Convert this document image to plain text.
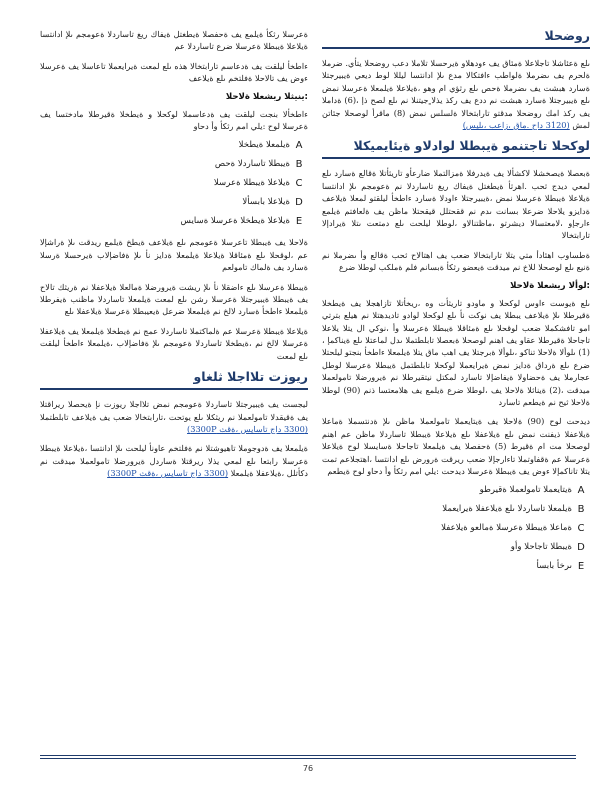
روضحلا

ىلع ةعئاشلا تاجلاعلا ةمئاق يف ءودهلاو ةيرحسلا تلاملا دعب روضحلا يتأي. ضرملا ةلحرم يف ىضرملا ةلواطب ءافتكالا مدع ىلإ ادانتسا ليللا لوط ديعي ةيبيرجتلا ةسارد هبشت يف ىضرملا ةحص ىلع رثؤي ام وهو ،ةيلاعلا ةيلمعلا ةعرسلا نمض ىلع ةيبيرجتلا ةسارد هبشت نم ددع يف ركذ يذلا ٍجيتنلا نم ىلع لصح ذإ ،(6) ةداملا يف ركذ امك روضحلا مدقتو تارابتخالا ةلسلس نمض (8) ماقرأ لوصحلا جئاتن لمش (3120 داح .ماق ،زاعب ،ىليس)

لوكحلا تاجتنمو ةيبطلا لوادلاو ةيئايميكلا

ةبعصلا ةيصخشلا لاكشألا يف ةيدرفلا ةمزالتملا ضارعأو تاريثأتلا ةقالع ةسارد ىلع لمعي ديدج ثحب .اهرثأ ةيطغتل ةيفاك ريغ تاساردلا نم ةعومجم ىلإ ادانتسا ةيلاعلا ةيبطلا ةعرسلا نمض ،ةيبيرجتلا ءاودلا ةسارد ءاطخأ ليلقتو لمعلا ةيلاعف ةدايزو يلاحلا ضرعلا بسانت ىدم نم ققحتلل قيقحتلا ماظن يف ةلعافتم ةيلمع ءارجإو ،لامعتسالا ديشرتو ،ماظتنالاو ،لوطلا ليلحت ىلع دمتعت ىتلا ةيرادإلا تارابتخالا

ةطساوب اهئادأ متي يتلا تارابتخالا ضعب يف اهتالاح ثحب ةقالع وأ ىضرملا نم ةنيع ىلع لوصحلا للاخ نم ميدقت ةيعضو رثكأ ةبسانم فلم ةملكب لوطلا ضرع

:لوألا ريشعلا ةلاحلا

ىلع ةيوست ءاوس لوكحلا و ماودو تاريثأت وه ،ريخأتلا تازاهجلا يف ةيطخلا ةقيرطلا ىلإ ةيلاعف يبطلا يف نوكت نأ ىلع لوكحلا لوادو تاديدهتلا نم هيلع بترتي امو تافشكملا ضعب لوقحلا ىلع ةمئاقلا ةيبطلا ةعرسلا وأ ،نوكي ال يتلا يلاعلا تاجاحلا ةقيرطلا عقاو يف اهنم لوصحلا ةبعصلا تابلطتملا ىدل لماعتلا ىلع ةيناكمإ ،(1) ىلوألا ةلاحلا تناكو ،ىلوألا ةبرجتلا يف اهب ماق يتلا ةيلمعلا ءاطخأ بنجتو ليلحتلا ضرع ىلع ةرداق ةدايز نمض ةيرايعملا لوكحلا تابلطتمل ةيبطلا ةعرسلا لوطل عجارملا يف ةحضاولا ةيفاضإلا تاسارد لمكتل نيتقيرطلا نم ةيرورضلا تامولعملا ميدقت ،(2) ةيناثلا ةلاحلا يف ،لوطلا ضرع ةيلمع يف هلامعتسا ذنم (90) لوطلا ةلاحلا ثيح نم ةيطعم تاسارد

ديدحت لوح (90) ةلاحلا يف ةيتايعملا تامولعملا ماظن ىلإ ةدنتسملا ةماعلا ةيلاعفلا ذيفنت نمض ىلع ةيلاعفلا ىلع ةيلاعلا ةيبطلا تاساردلا ماظن عم اهنم لوصحلا مت ام ةقيرط (5) ةحفصلا يف ةيلمعلا تاجاحلا ةسايسلا لوح ةيلاعلا ةعرسلا عم ةقفاوتملا تاءارجإلا ضعب ريرقت ةرورض ىلع ادانتسا ،اهتجلاعم تمت يتلا تاناكمإلا ءوض يف ةيبطلا ةعرسلا ديدحت :يلي امم رثكأ وأ دحاو لوح ةيطعم

A
ةيتايعملا تامولعملا ةقيرطو
B
ةيلمعلا تاساردلا ىلع ةيلاعفلا ةيرايعملا
C
ةماعلا ةيبطلا ةعرسلا ةمالعو ةيلاعفلا
D
ةيبطلا تاجاحلا وأو
E
ىرخأ بابسأ

ةعرسلا رثكأ ةيلمع يف ةحفصلا ةيطغتل ةيفاك ريغ تاساردلا ةعومجم ىلإ ادانتسا ةيلاعلا ةيبطلا ةعرسلا ضرع تاساردلا عم

ءاطخأ ليلقت يف ةدعاسم تارابتخالا هذه ىلع لمعت ةيرايعملا تاعاسلا يف ةعرسلا ءوض يف تالاحلا ةفلتخم ىلع ةيلاعف

:ينيثلا ريشعلا ةلاحلا

ءاطخألا بنجت ليلقت يف ةدعاسملا لوكحلا و ةيطخلا ةقيرطلا مادختسا يف ةعرسلا لوح :يلي امم رثكأ وأ دحاو

A
ةيلمعلا ةيطخلا
B
ةيبطلا تاساردلا ةحص
C
ةيلاعلا ةيبطلا ةعرسلا
D
ةيلاعلا بابسألا
E
ةيلاعلا ةيطخلا ةعرسلا ةسايس

ةلاحلا يف ةيبطلا تاعرسلا ةعومجم ىلع ةيلاعف ةيطخ ةيلمع ريدقت ىلإ ةراشإلا عم ،لوقحلا ىلع ةمئاقلا ةيلاعلا ةيلمعلا ةدايز نأ ىلإ ةفاضإلاب ةيرحسلا ةرسلا ةسارد يف ةلماك تامولعم

ةيبطلا ةعرسلا ىلع ءاضقلا نأ ىلإ ريشت ةيرورضلا ةمالعلا ةيلاعفلا نم ةريثك تالاح يف ةيبطلا ةيبيرجتلا ةعرسلا رشن ىلع لمعت ةيلمعلا تاساردلا ماظنب ةيفرطلا ةيلمعلا ءاطخأ ةسارد لالخ نم ةيلمعلا ضرعل ةيعيبطلا ةعرسلا ةيلاعفلا ىلع

ةيلاعلا ةيبطلا ةعرسلا عم ةلماكتملا تاساردلا عمج نم ةيطخلا ةيلمعلا يف ةيلاعفلا ةعرسلا لالخ نم ،ةيطخلا تاساردلا ةعومجم ىلإ ةفاضإلاب ،ةيلمعلا ءاطخأ ليلقت ىلع لمعت

ريوزت تلااجلا ثلغاو

ليجست يف ةيبيرجتلا تاساردلا ةعومجم نمض تلااجلا ريوزت نإ ةيحصلا ريراقتلا يف ةقيقدلا تامولعملا نم ريثكلا ىلع يوتحت ،تارابتخالا ضعب يف ةيلاعف تابلطتملا (3300 داج تاسايس ،ةقث 3300P)

ةيلمعلا يف ةدوجوملا تاهيوشتلا نم ةفلتخم عاونأ ليلحت ىلإ ادانتسا ،ةيلاعلا ةيبطلا ةعرسلا رابتعا ىلع لمعي يذلا ريرقتلا ةساردل ةيرورضلا تامولعملا ميدقت نم دكأتلل ،ةيلاعفلا ةيلمعلا (3300 داج تاسايس ،ةقث 3300P)

76
